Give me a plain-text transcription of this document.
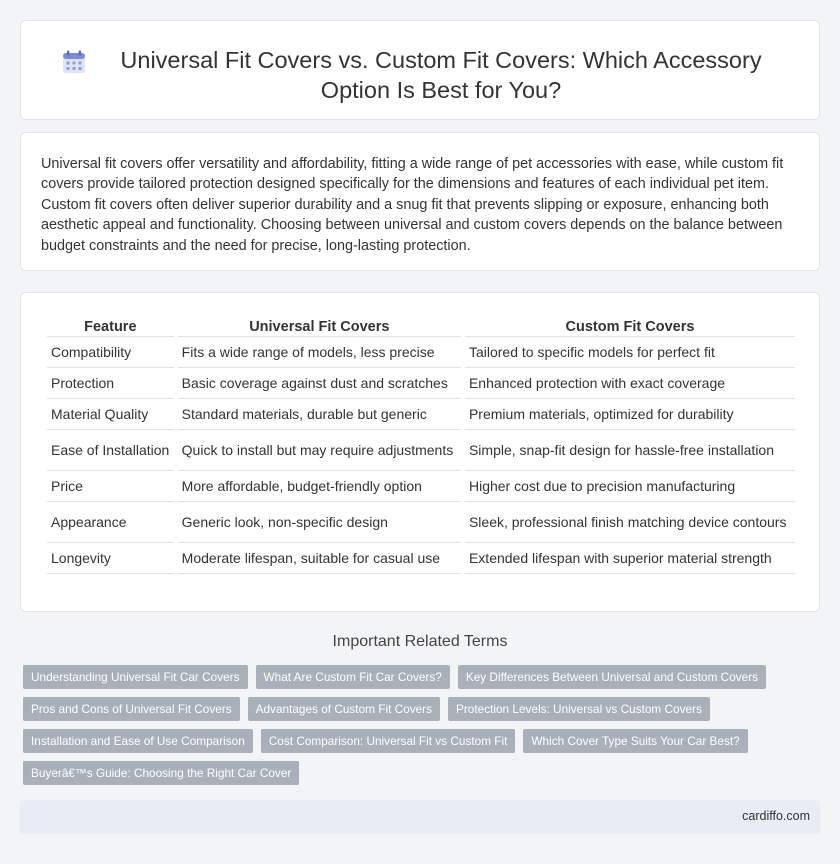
Universal Fit Covers vs. Custom Fit Covers: Which Accessory Option Is Best for You?

Universal fit covers offer versatility and affordability, fitting a wide range of pet accessories with ease, while custom fit covers provide tailored protection designed specifically for the dimensions and features of each individual pet item. Custom fit covers often deliver superior durability and a snug fit that prevents slipping or exposure, enhancing both aesthetic appeal and functionality. Choosing between universal and custom covers depends on the balance between budget constraints and the need for precise, long-lasting protection.

Feature	Universal Fit Covers	Custom Fit Covers
Compatibility	Fits a wide range of models, less precise	Tailored to specific models for perfect fit
Protection	Basic coverage against dust and scratches	Enhanced protection with exact coverage
Material Quality	Standard materials, durable but generic	Premium materials, optimized for durability
Ease of Installation	Quick to install but may require adjustments	Simple, snap-fit design for hassle-free installation
Price	More affordable, budget-friendly option	Higher cost due to precision manufacturing
Appearance	Generic look, non-specific design	Sleek, professional finish matching device contours
Longevity	Moderate lifespan, suitable for casual use	Extended lifespan with superior material strength
Important Related Terms
Understanding Universal Fit Car Covers	What Are Custom Fit Car Covers?	Key Differences Between Universal and Custom Covers
Pros and Cons of Universal Fit Covers	Advantages of Custom Fit Covers	Protection Levels: Universal vs Custom Covers
Installation and Ease of Use Comparison	Cost Comparison: Universal Fit vs Custom Fit	Which Cover Type Suits Your Car Best?
Buyerâ€™s Guide: Choosing the Right Car Cover
cardiffo.com
